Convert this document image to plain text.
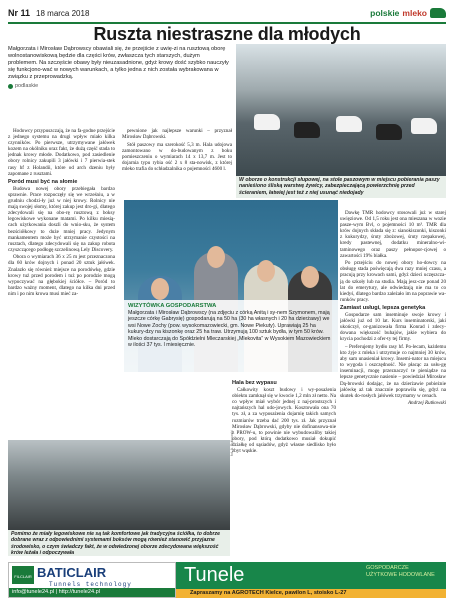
Nr 11 18 marca 2018	polskie mleko
Ruszta niestraszne dla młodych

Małgorzata i Mirosław Dąbrowscy obawiali się, że przejście z uwię-zi na rusztową oborę wolnostanowiskową będzie dla części krów, zwłaszcza tych starszych, dużym problemem. Na szczęście obawy były nieuzasadnione, gdyż krowy dość szybko nauczyły się funkcjono-wać w nowych warunkach, a tylko jedna z nich została wybrakowana w związku z przeprowadzką.

podlaskie

Hodowcy przypuszczają, że na fa-godne przejście z jednego systemu na drugi wpływ miało kilka czynników. Po pierwsze, utrzymywane jałówek kozem na okólniku oraz fakt, że dużą część stada to jednak krowy młode. Dodatkowo, pod zasiedlenie obory rolnicy zakupili 3 jałówki i 7 pierwia-stek rasy hf z Holandii, które od arch dzeniu były zapomane z rusztami.

Poród musi być na słomie

Budowa nowej obory przebiegała bardzo sprawnie. Prace rozpoczęły się we wrześniu, a w grudniu chodzi-ły już w niej krowy. Rolnicy nie mają swojej słomy, której zakup jest dro-gi, dlatego zdecydowali się na obo-rę rusztową z boksy legowiskowe wykonane matami. Po kilku miesią-cach użytkowania doszli do wnio-sku, że system bezściółkowy to duże mniej pracy. Jedynym mankamentem może być utrzymanie czystości na rusztach, dlatego zdecydowali się na zakup robota czyszczącego podłogę szczelinową Lely Discovery.

Obora o wymiarach 36 x 25 m jest przeznaczona dla 60 krów dojnych i ponad 20 sztuk jałówek. Znalazło się również miejsce na porodówkę, gdzie krowy tuż przed porodem i tuż po porodzie mogą wypoczywać na głębokiej ściółce. – Poród to bardzo ważny moment, dlatego na kilka dni przed nim i po nim krowa musi mieć za-

pewnione jak najlepsze warunki – przyznał Mirosław Dąbrowski.

Stół paszowy ma szerokość 5,3 m. Hala udojowa zamontowano w do-budowanym z boku pomieszczeniu o wymiarach 14 x 13,7 m. Jest to dojarnia typu rybia ość 2 x 8 sta-nowisk, z której mleko trafia do schładzalnika o pojemności 4600 l.

W oborze o konstrukcji słupowej, na stole paszowym w miejscu pobierania paszy nanieśiono śliską warstwę żywicy, zabezpieczającą powierzchnię przed ścieraniem, łatwiej jest też z niej usunąć niedojady
WIZYTÓWKA GOSPODARSTWA
Małgorzata i Mirosław Dąbrowscy (na zdjęciu z córką Anitą i sy-nem Szymonem, mają jeszcze córkę Gabrysię) gospodarują na 50 ha (30 ha własnych i 20 ha dzierżawy) we wsi Nowe Zochy (pow. wysokomazowiecki, gm. Nowe Piekuty). Uprawiają 25 ha kukury-dzy na kiszonkę oraz 25 ha traw. Utrzymują 100 sztuk bydła, w tym 50 krów. Mleko dostarczają do Spółdzielni Mleczarskiej „Mlekovita” w Wysokiem Mazowieckiem w ilości 37 tys. l miesięcznie.

Dawkę TMR hodowcy stosowali już w starej uwięziowe. Od 1,5 roku jest ona mieszana w wozie pasze-wym Bvl, o pojemności 10 m³. TMR dla krów dojnych składa się z: sianokiszonki, kiszonki z kukurydzy, śruty zbożowej, śruty rzepakowej, kredy pastewnej, dodatku mineralno-wi-taminowego oraz paszy pełnopor-cjowej o zawartości 19% białka.

Po przejściu do nowej obory ho-dowcy na obsługę stada poświęcają dwa razy mniej czasu, a pracują przy krowach sami, gdyż dzieci uczęszcza-ją do szkoły lub na studia. Mają jesz-cze ponad 20 lat do emerytury, ale odwiedzają nie ma to co kiedyś, dlatego bardzo zależało im na poprawie wa-runków pracy.

Zamiast usługi, lepsza genetyka

Gospodarze sam inseminuje swoje krowy i jałówki już od 10 lat. Kurs inseminatorski, jaki ukończył, or-ganizowała firma Konrad i zdecy-dowana większość buhajów, jakie wybiera do krycia pochodzi z ofer-ty tej firmy.

– Preferujemy bydło rasy hf. Po-lecam, każdemu kto żyje z mleka i utrzymuje co najmniej 30 krów, aby sam unasieniał krowy. Insemi-nator na miejscu to wygoda i oszczędność. Nie płacąc za usłu-gę inseminacji, mogę przeznaczyć te pieniądze na lepsze genetycznie nasienie – powiedział Mirosław Dą-browski dodając, że na dzierżawie pobieżnie jałówkę aż tak znacznie poprawiła się, gdyż na skutek do-rosłych jałówek trzymamy w cenach.

Andrzej Rutkowski

Hala bez wypasu

Całkowity koszt budowy i wy-posażenia obiektu zamknął się w kwocie 1,2 mln zł netto. Na co wpływ miał wybór jednej z naj-prostszych i najtańszych hal udo-jowych. Kosztowała ona 70 tys. zł, a za wyposażenia dojarnię takich samych rozmiarów trzeba dać 200 tys. zł. Jak przyznał Mirosław Dąbrowski, gdyby nie dofinansowa-nie z PROW-u, to powinie nie wybudowaliby takiej obory, pod którą dodatkowo musiał dokupić działkę od sąsiadów, gdyż własne siedlisko było zbyt wąskie.

fot. A. Rutkowski
Pomimo że miały legowiskowe nie są tak komfortowe jak tradycyjna ściółka, to dobrze dobrane wraz z odpowiednimi systemami boksów mogą również stanowić przyjazne środowisko, o czym świadczy fakt, że w odwiedzonej oborze zdecydowana większość krów leżała i odpoczywała
FILCLAIR BATICLAIR
Tunnels technology
info@tunele24.pl | http://tunele24.pl
Tunele	GOSPODARCZE UŻYTKOWE HODOWLANE
Zapraszamy na AGROTECH Kielce, pawilon L, stoisko L-27
